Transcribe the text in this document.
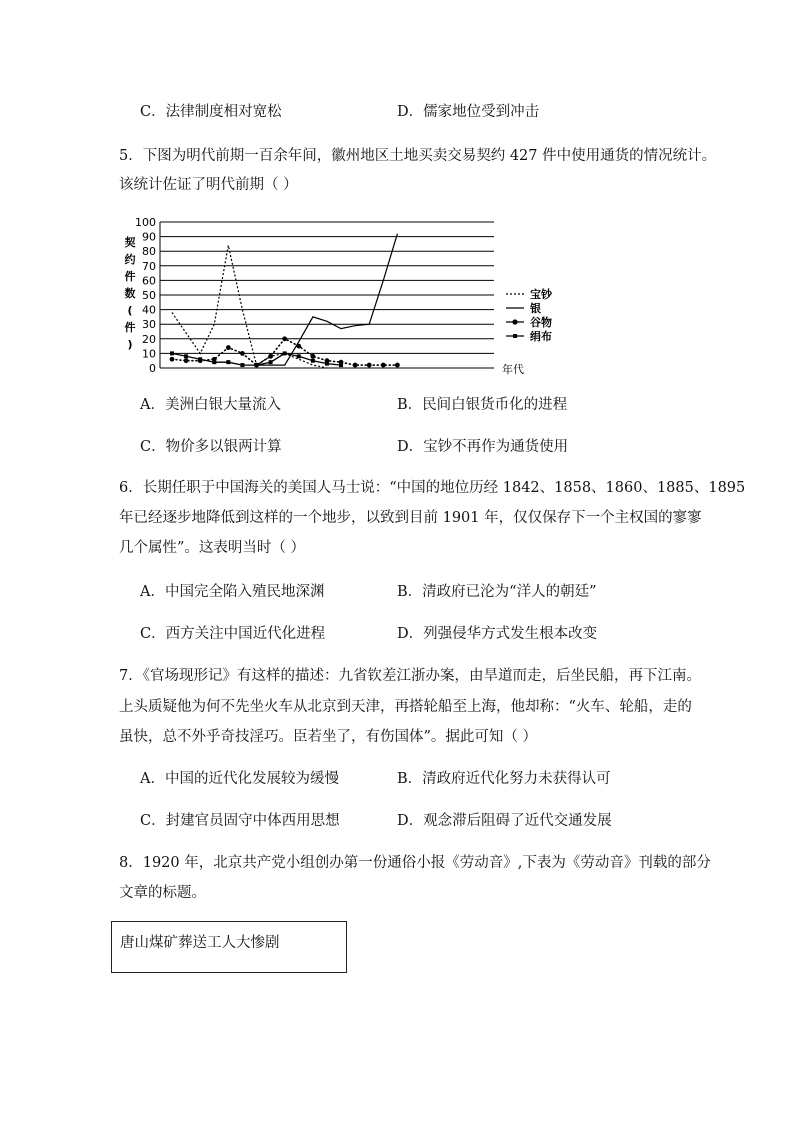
C．法律制度相对宽松	D．儒家地位受到冲击
5．下图为明代前期一百余年间，徽州地区土地买卖交易契约 427 件中使用通货的情况统计。
该统计佐证了明代前期（ ）
0
10
20
30
40
50
60
70
80
90
100
契
约
件
数
(
件
)
宝钞
银
谷物
绢布
年代
A．美洲白银大量流入	B．民间白银货币化的进程
C．物价多以银两计算	D．宝钞不再作为通货使用
6．长期任职于中国海关的美国人马士说：“中国的地位历经 1842、1858、1860、1885、1895
年已经逐步地降低到这样的一个地步，以致到目前 1901 年，仅仅保存下一个主权国的寥寥
几个属性”。这表明当时（ ）
A．中国完全陷入殖民地深渊	B．清政府已沦为“洋人的朝廷”
C．西方关注中国近代化进程	D．列强侵华方式发生根本改变
7．《官场现形记》有这样的描述：九省钦差江浙办案，由旱道而走，后坐民船，再下江南。
上头质疑他为何不先坐火车从北京到天津，再搭轮船至上海，他却称：“火车、轮船，走的
虽快，总不外乎奇技淫巧。臣若坐了，有伤国体”。据此可知（ ）
A．中国的近代化发展较为缓慢	B．清政府近代化努力未获得认可
C．封建官员固守中体西用思想	D．观念滞后阻碍了近代交通发展
8．1920 年，北京共产党小组创办第一份通俗小报《劳动音》,下表为《劳动音》刊载的部分
文章的标题。
唐山煤矿葬送工人大惨剧
